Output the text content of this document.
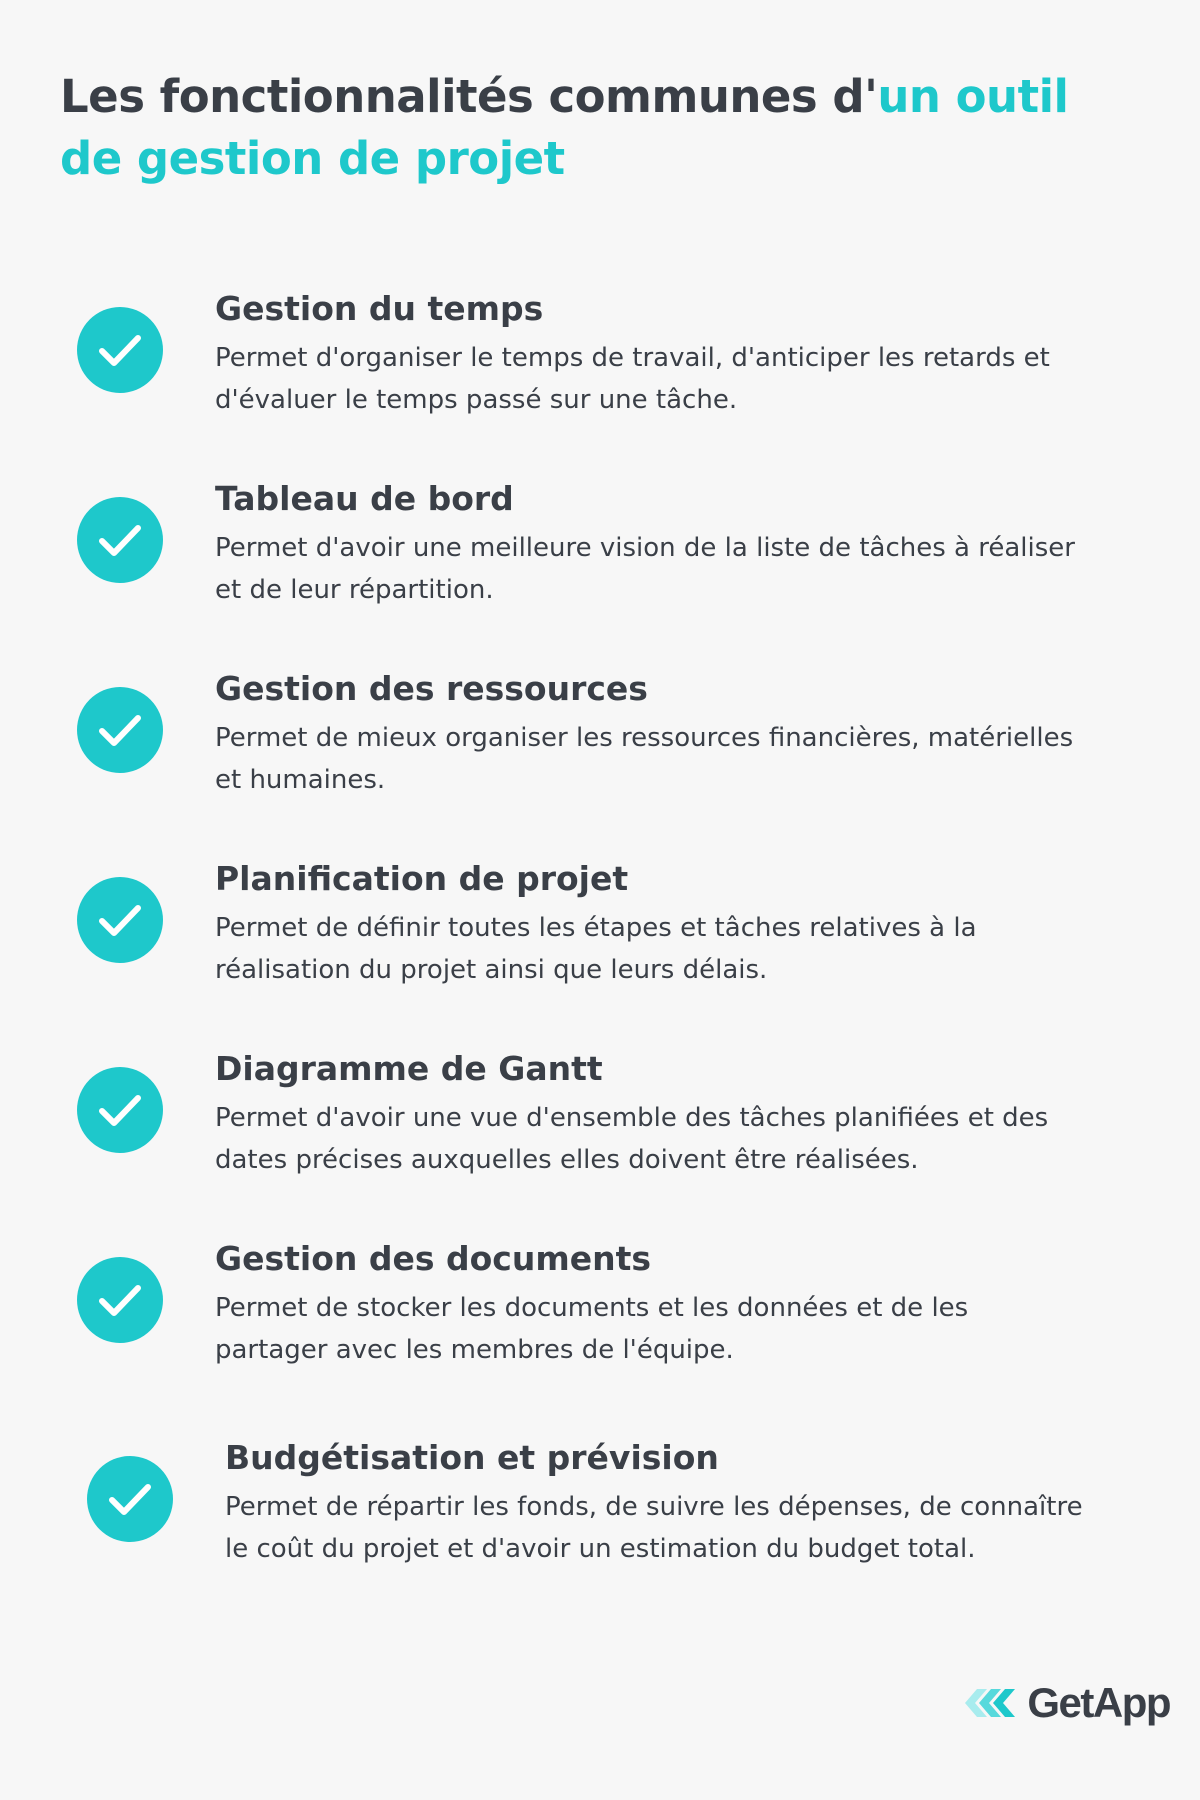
Les fonctionnalités communes d'un outil de gestion de projet
Gestion du temps
Permet d'organiser le temps de travail, d'anticiper les retards et
d'évaluer le temps passé sur une tâche.
Tableau de bord
Permet d'avoir une meilleure vision de la liste de tâches à réaliser
et de leur répartition.
Gestion des ressources
Permet de mieux organiser les ressources financières, matérielles
et humaines.
Planification de projet
Permet de définir toutes les étapes et tâches relatives à la
réalisation du projet ainsi que leurs délais.
Diagramme de Gantt
Permet d'avoir une vue d'ensemble des tâches planifiées et des
dates précises auxquelles elles doivent être réalisées.
Gestion des documents
Permet de stocker les documents et les données et de les
partager avec les membres de l'équipe.
Budgétisation et prévision
Permet de répartir les fonds, de suivre les dépenses, de connaître
le coût du projet et d'avoir un estimation du budget total.
GetApp
